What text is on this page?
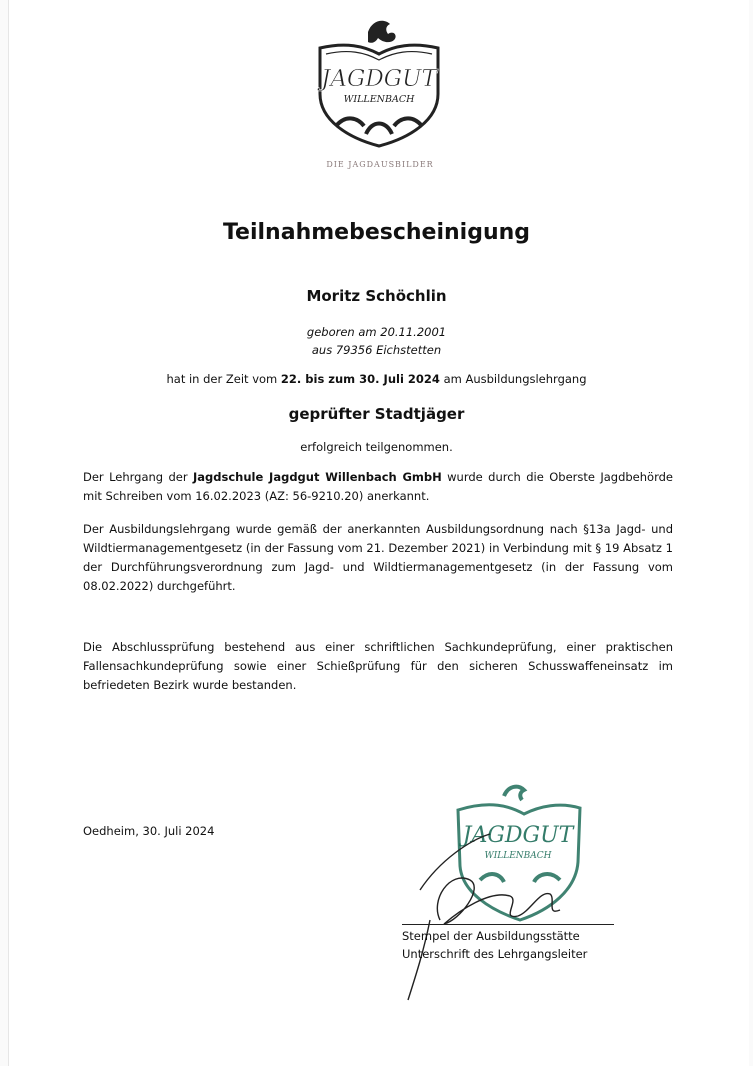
JAGDGUT
WILLENBACH
DIE JAGDAUSBILDER
Teilnahmebescheinigung
Moritz Schöchlin
geboren am 20.11.2001
aus 79356 Eichstetten
hat in der Zeit vom 22. bis zum 30. Juli 2024 am Ausbildungslehrgang
geprüfter Stadtjäger
erfolgreich teilgenommen.
Der Lehrgang der Jagdschule Jagdgut Willenbach GmbH wurde durch die Oberste Jagdbehörde mit Schreiben vom 16.02.2023 (AZ: 56-9210.20) anerkannt.
Der Ausbildungslehrgang wurde gemäß der anerkannten Ausbildungsordnung nach §13a Jagd- und Wildtiermanagementgesetz (in der Fassung vom 21. Dezember 2021) in Verbindung mit § 19 Absatz 1 der Durchführungsverordnung zum Jagd- und Wildtiermanagementgesetz (in der Fassung vom 08.02.2022) durchgeführt.
Die Abschlussprüfung bestehend aus einer schriftlichen Sachkundeprüfung, einer praktischen Fallensachkundeprüfung sowie einer Schießprüfung für den sicheren Schusswaffeneinsatz im befriedeten Bezirk wurde bestanden.
Oedheim, 30. Juli 2024	JAGDGUT
WILLENBACH
Stempel der Ausbildungsstätte
Unterschrift des Lehrgangsleiter
